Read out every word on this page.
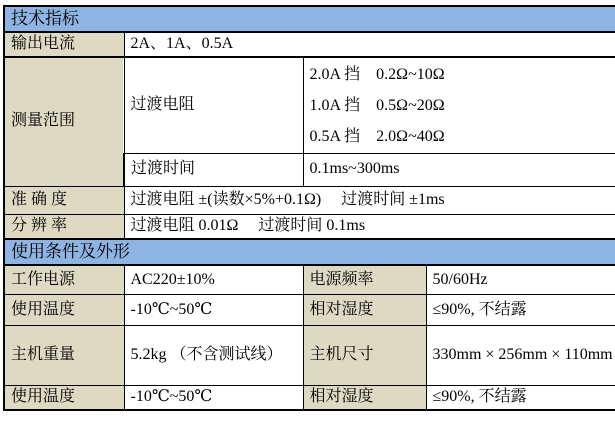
技术指标			
输出电流	2A、1A、0.5A		
测量范围	过渡电阻	2.0A 挡　0.2Ω~10Ω
1.0A 挡　0.5Ω~20Ω
0.5A 挡　2.0Ω~40Ω	

	过渡时间	0.1ms~300ms	
准 确 度	过渡电阻 ±(读数×5%+0.1Ω)　 过渡时间 ±1ms		
分 辨 率	过渡电阻 0.01Ω　 过渡时间 0.1ms		
使用条件及外形			
工作电源	AC220±10%	电源频率	50/60Hz
使用温度	-10℃~50℃	相对湿度	≤90%, 不结露
主机重量	5.2kg （不含测试线）	主机尺寸	330mm × 256mm × 110mm
使用温度	-10℃~50℃	相对湿度	≤90%, 不结露
